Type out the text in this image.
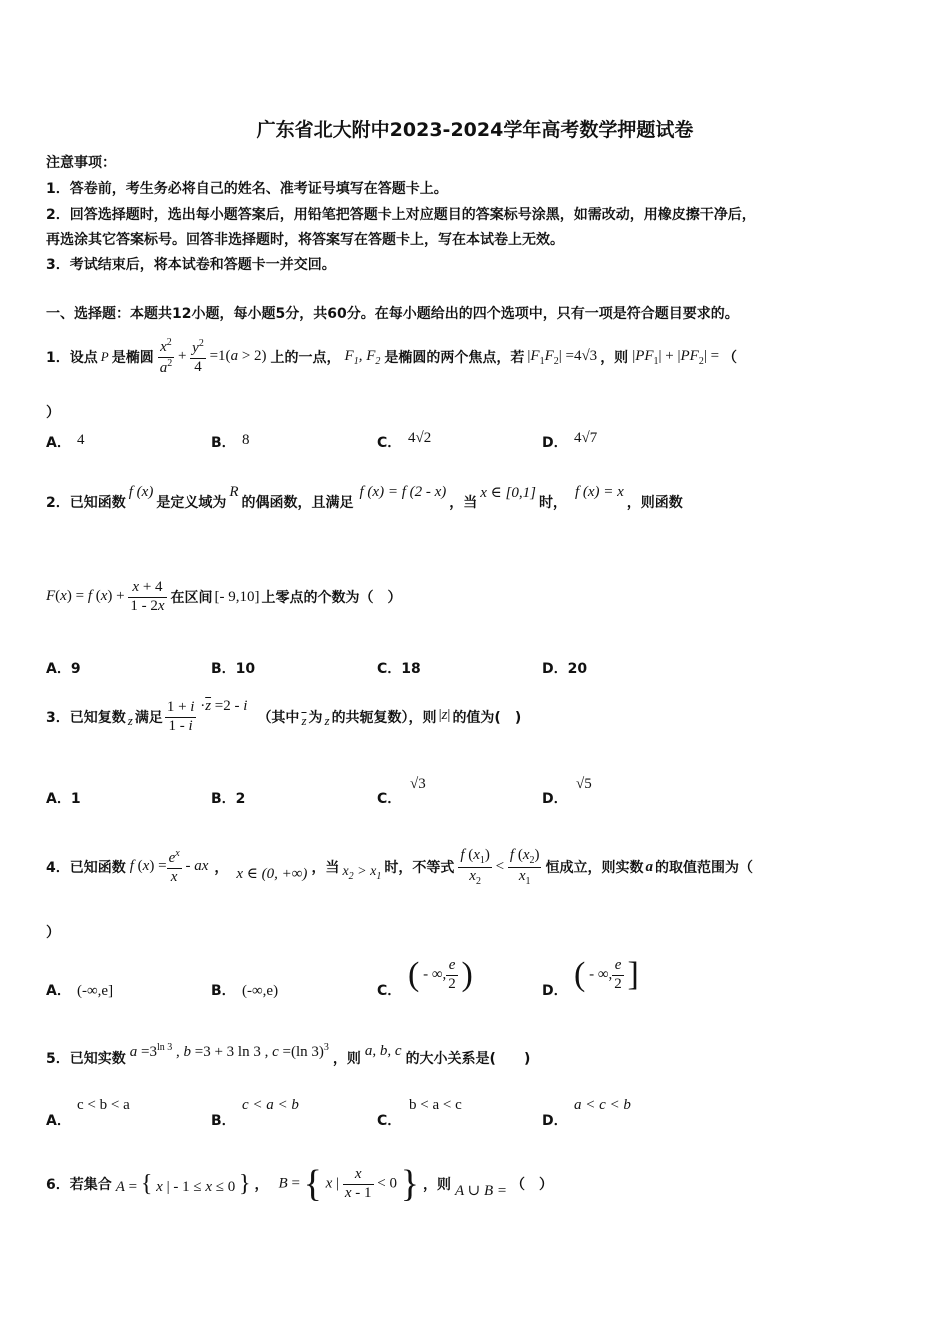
广东省北大附中2023-2024学年高考数学押题试卷
注意事项：
1．答卷前，考生务必将自己的姓名、准考证号填写在答题卡上。
2．回答选择题时，选出每小题答案后，用铅笔把答题卡上对应题目的答案标号涂黑，如需改动，用橡皮擦干净后，
再选涂其它答案标号。回答非选择题时，将答案写在答题卡上，写在本试卷上无效。
3．考试结束后，将本试卷和答题卡一并交回。
一、选择题：本题共12小题，每小题5分，共60分。在每小题给出的四个选项中，只有一项是符合题目要求的。
1．设点 P 是椭圆 $\frac{x^2}{a^2} + \frac{y^2}{4} =1(a > 2)$ 上的一点， $F_1$, $F_2$ 是椭圆的两个焦点，若 $|F_1F_2| =4√3$ ，则 $|PF_1| + |PF_2|$ = （
）
A． 4	B． 8	C． 4√2	D． 4√7
2．已知函数
f (x)
是定义域为
R
的偶函数，且满足
f (x) = f (2 - x)
，当
x ∈ [0,1]
时，
f (x) = x
，则函数
F(x) = f $(x) + \frac{x + 4}{1 - 2x}$ 在区间 [- 9,10] 上零点的个数为（　）
A．9	B．10	C．18	D．20
3．已知复数 z 满足 $\frac{1 + i}{1 - i} \cdot\overline{z} =2 - i$
（其中 $\overline{z}$ 为 z 的共轭复数），则 |z| 的值为(　)
A．1	B．2	C．
√3
D．
√5
4．已知函数 f $(x) = \frac{e^x}{x}$ - ax ， x ∈ (0, +∞) ，当 $x_2 > x_1$
时，不等式 $\frac{f (x_1)}{x_2} < \frac{f (x_2)}{x_1}$ 恒成立，则实数 a 的取值范围为（
）
A． (-∞,e]	B． (-∞,e)	C． ( - ∞, $\frac{e}{2}$ )	D． ( - ∞, $\frac{e}{2}$ ]
5．已知实数 $a =3^{ln 3}$ , b =3 + 3 ln 3 , c =(ln 3)$^3$
，则
a, b, c
的大小关系是(　　)
A．
c < b < a
B．
c < a < b
C．
b < a < c
D．
a < c < b
6．若集合 A = { x | - 1 ≤ x ≤ 0 } ， B = { x | $\frac{x}{x - 1} < 0$ } ，则 A ∪ B = （　）
